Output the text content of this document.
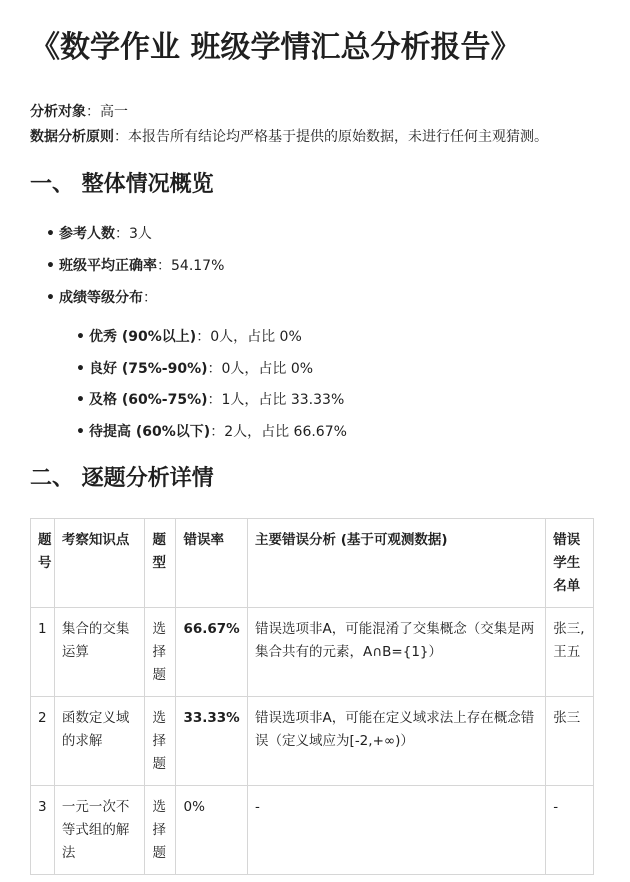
《数学作业 班级学情汇总分析报告》
分析对象：高一
数据分析原则：本报告所有结论均严格基于提供的原始数据，未进行任何主观猜测。
一、 整体情况概览
• 参考人数：3人
• 班级平均正确率：54.17%
• 成绩等级分布：
• 优秀 (90%以上)：0人，占比 0%
• 良好 (75%-90%)：0人，占比 0%
• 及格 (60%-75%)：1人，占比 33.33%
• 待提高 (60%以下)：2人，占比 66.67%
二、 逐题分析详情
题号	考察知识点	题型	错误率	主要错误分析 (基于可观测数据)	错误学生名单
1	集合的交集运算	选择题	66.67%	错误选项非A，可能混淆了交集概念（交集是两集合共有的元素，A∩B={1}）	张三, 王五
2	函数定义域的求解	选择题	33.33%	错误选项非A，可能在定义域求法上存在概念错误（定义域应为[-2,+∞)）	张三
3	一元一次不等式组的解法	选择题	0%	-	-
